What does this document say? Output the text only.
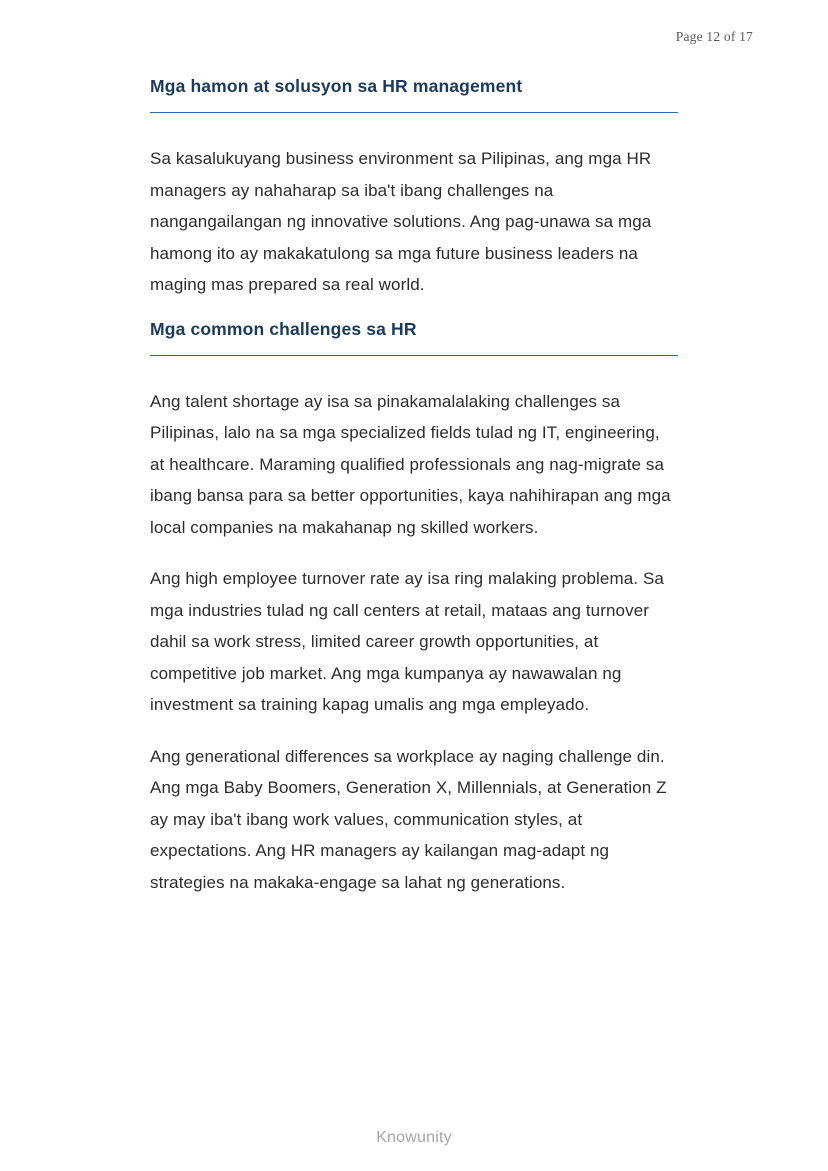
Page 12 of 17
Mga hamon at solusyon sa HR management

Sa kasalukuyang business environment sa Pilipinas, ang mga HR managers ay nahaharap sa iba't ibang challenges na nangangailangan ng innovative solutions. Ang pag-unawa sa mga hamong ito ay makakatulong sa mga future business leaders na maging mas prepared sa real world.

Mga common challenges sa HR

Ang talent shortage ay isa sa pinakamalalaking challenges sa Pilipinas, lalo na sa mga specialized fields tulad ng IT, engineering, at healthcare. Maraming qualified professionals ang nag-migrate sa ibang bansa para sa better opportunities, kaya nahihirapan ang mga local companies na makahanap ng skilled workers.

Ang high employee turnover rate ay isa ring malaking problema. Sa mga industries tulad ng call centers at retail, mataas ang turnover dahil sa work stress, limited career growth opportunities, at competitive job market. Ang mga kumpanya ay nawawalan ng investment sa training kapag umalis ang mga empleyado.

Ang generational differences sa workplace ay naging challenge din. Ang mga Baby Boomers, Generation X, Millennials, at Generation Z ay may iba't ibang work values, communication styles, at expectations. Ang HR managers ay kailangan mag-adapt ng strategies na makaka-engage sa lahat ng generations.

Knowunity
